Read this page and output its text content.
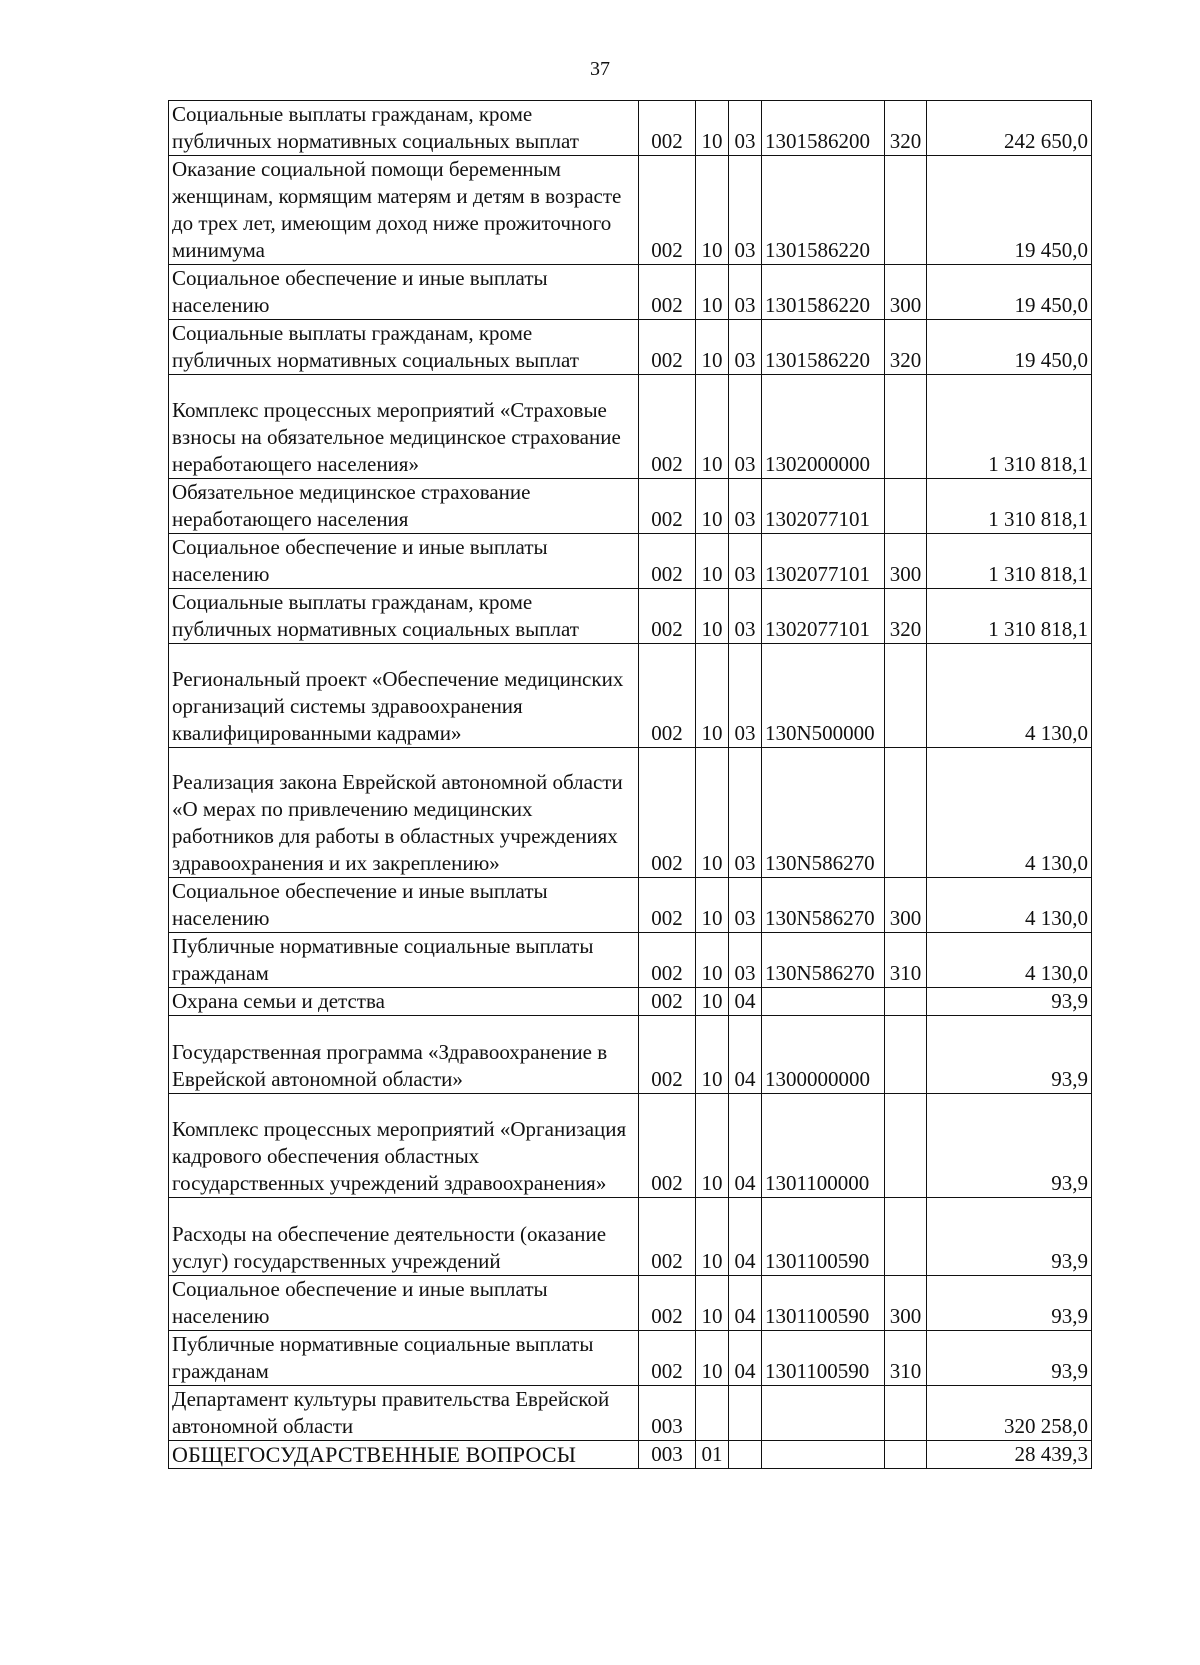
37
Социальные выплаты гражданам, кроме публичных нормативных социальных выплат	002	10	03	1301586200	320	242 650,0
Оказание социальной помощи беременным женщинам, кормящим матерям и детям в возрасте до трех лет, имеющим доход ниже прожиточного минимума	002	10	03	1301586220		19 450,0
Социальное обеспечение и иные выплаты населению	002	10	03	1301586220	300	19 450,0
Социальные выплаты гражданам, кроме публичных нормативных социальных выплат	002	10	03	1301586220	320	19 450,0
Комплекс процессных мероприятий «Страховые взносы на обязательное медицинское страхование неработающего населения»	002	10	03	1302000000		1 310 818,1
Обязательное медицинское страхование неработающего населения	002	10	03	1302077101		1 310 818,1
Социальное обеспечение и иные выплаты населению	002	10	03	1302077101	300	1 310 818,1
Социальные выплаты гражданам, кроме публичных нормативных социальных выплат	002	10	03	1302077101	320	1 310 818,1
Региональный проект «Обеспечение медицинских организаций системы здравоохранения квалифицированными кадрами»	002	10	03	130N500000		4 130,0
Реализация закона Еврейской автономной области «О мерах по привлечению медицинских работников для работы в областных учреждениях здравоохранения и их закреплению»	002	10	03	130N586270		4 130,0
Социальное обеспечение и иные выплаты населению	002	10	03	130N586270	300	4 130,0
Публичные нормативные социальные выплаты гражданам	002	10	03	130N586270	310	4 130,0
Охрана семьи и детства	002	10	04			93,9
Государственная программа «Здравоохранение в Еврейской автономной области»	002	10	04	1300000000		93,9
Комплекс процессных мероприятий «Организация кадрового обеспечения областных государственных учреждений здравоохранения»	002	10	04	1301100000		93,9
Расходы на обеспечение деятельности (оказание услуг) государственных учреждений	002	10	04	1301100590		93,9
Социальное обеспечение и иные выплаты населению	002	10	04	1301100590	300	93,9
Публичные нормативные социальные выплаты гражданам	002	10	04	1301100590	310	93,9
Департамент культуры правительства Еврейской автономной области	003					320 258,0
ОБЩЕГОСУДАРСТВЕННЫЕ ВОПРОСЫ	003	01				28 439,3
